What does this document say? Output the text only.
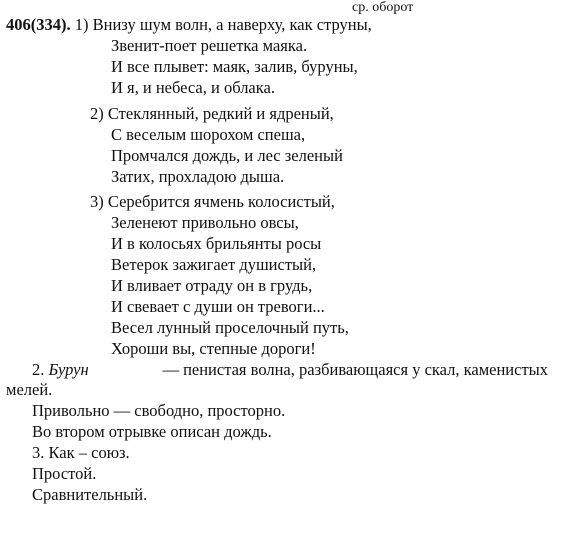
ср. оборот
406(334). 1) Внизу шум волн, а наверху, как струны,
Звенит-поет решетка маяка.
И все плывет: маяк, залив, буруны,
И я, и небеса, и облака.
2) Стеклянный, редкий и ядреный,
С веселым шорохом спеша,
Промчался дождь, и лес зеленый
Затих, прохладою дыша.
3) Серебрится ячмень колосистый,
Зеленеют привольно овсы,
И в колосьях брильянты росы
Ветерок зажигает душистый,
И вливает отраду он в грудь,
И свевает с души он тревоги...
Весел лунный проселочный путь,
Хороши вы, степные дороги!
2. Бурун	— пенистая волна, разбивающаяся у скал, каменистых
мелей.
Привольно — свободно, просторно.
Во втором отрывке описан дождь.
3. Как – союз.
Простой.
Сравнительный.
